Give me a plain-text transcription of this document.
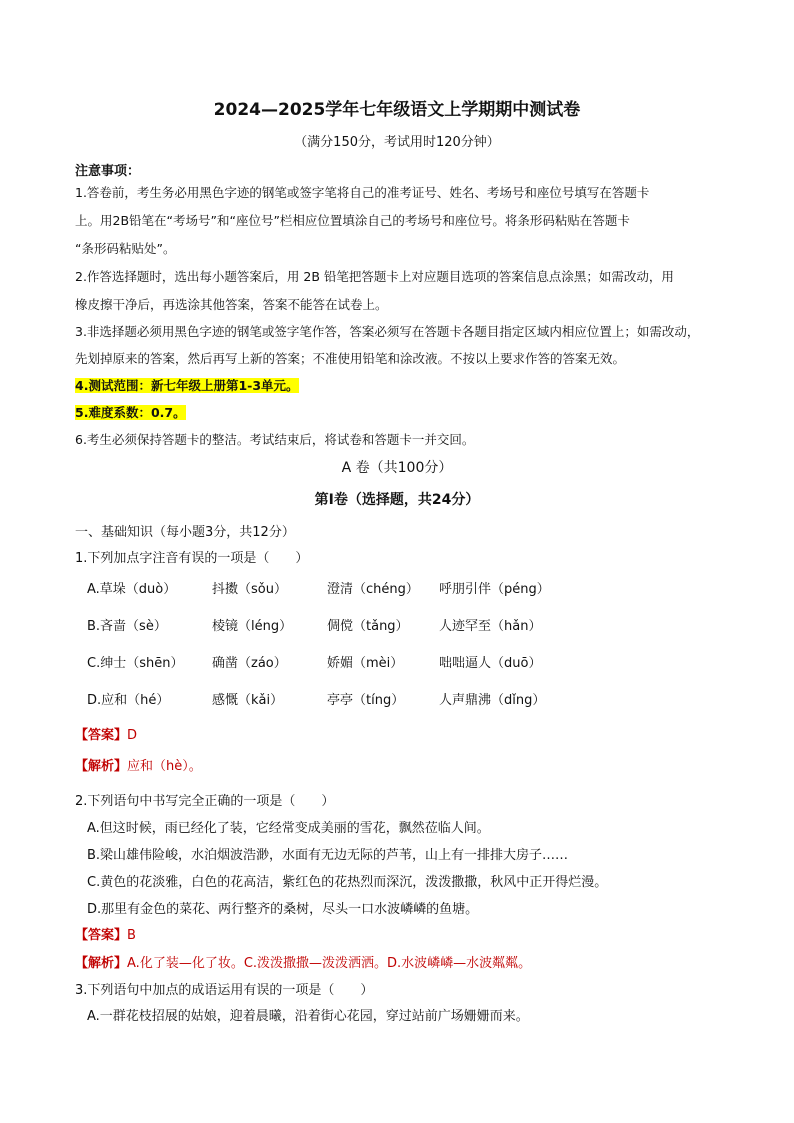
2024—2025学年七年级语文上学期期中测试卷
（满分150分，考试用时120分钟）
注意事项：
1.答卷前，考生务必用黑色字迹的钢笔或签字笔将自己的准考证号、姓名、考场号和座位号填写在答题卡
上。用2B铅笔在“考场号”和“座位号”栏相应位置填涂自己的考场号和座位号。将条形码粘贴在答题卡
“条形码粘贴处”。
2.作答选择题时，选出每小题答案后，用 2B 铅笔把答题卡上对应题目选项的答案信息点涂黑；如需改动，用
橡皮擦干净后，再选涂其他答案，答案不能答在试卷上。
3.非选择题必须用黑色字迹的钢笔或签字笔作答，答案必须写在答题卡各题目指定区域内相应位置上；如需改动，
先划掉原来的答案，然后再写上新的答案；不准使用铅笔和涂改液。不按以上要求作答的答案无效。
4.测试范围：新七年级上册第1-3单元。
5.难度系数：0.7。
6.考生必须保持答题卡的整洁。考试结束后，将试卷和答题卡一并交回。
A 卷（共100分）
第Ⅰ卷（选择题，共24分）
一、基础知识（每小题3分，共12分）
1.下列加点字注音有误的一项是（　　）
A.草垛（duò）	抖擞（sǒu）	澄清（chéng） 呼朋引伴（péng）
B.吝啬（sè）	棱镜（léng）	倜傥（tǎng） 人迹罕至（hǎn）
C.绅士（shēn） 确凿（záo）	娇媚（mèi）	咄咄逼人（duō）
D.应和（hé）	感慨（kǎi）	亭亭（tíng）	人声鼎沸（dǐng）
【答案】D
【解析】应和（hè）。
2.下列语句中书写完全正确的一项是（　　）
A.但这时候，雨已经化了装，它经常变成美丽的雪花，飘然莅临人间。
B.梁山雄伟险峻，水泊烟波浩渺，水面有无边无际的芦苇，山上有一排排大房子……
C.黄色的花淡雅，白色的花高洁，紫红色的花热烈而深沉，泼泼撒撒，秋风中正开得烂漫。
D.那里有金色的菜花、两行整齐的桑树，尽头一口水波嶙嶙的鱼塘。
【答案】B
【解析】A.化了装—化了妆。C.泼泼撒撒—泼泼洒洒。D.水波嶙嶙—水波粼粼。
3.下列语句中加点的成语运用有误的一项是（　　）
A.一群花枝招展的姑娘，迎着晨曦，沿着街心花园，穿过站前广场姗姗而来。
